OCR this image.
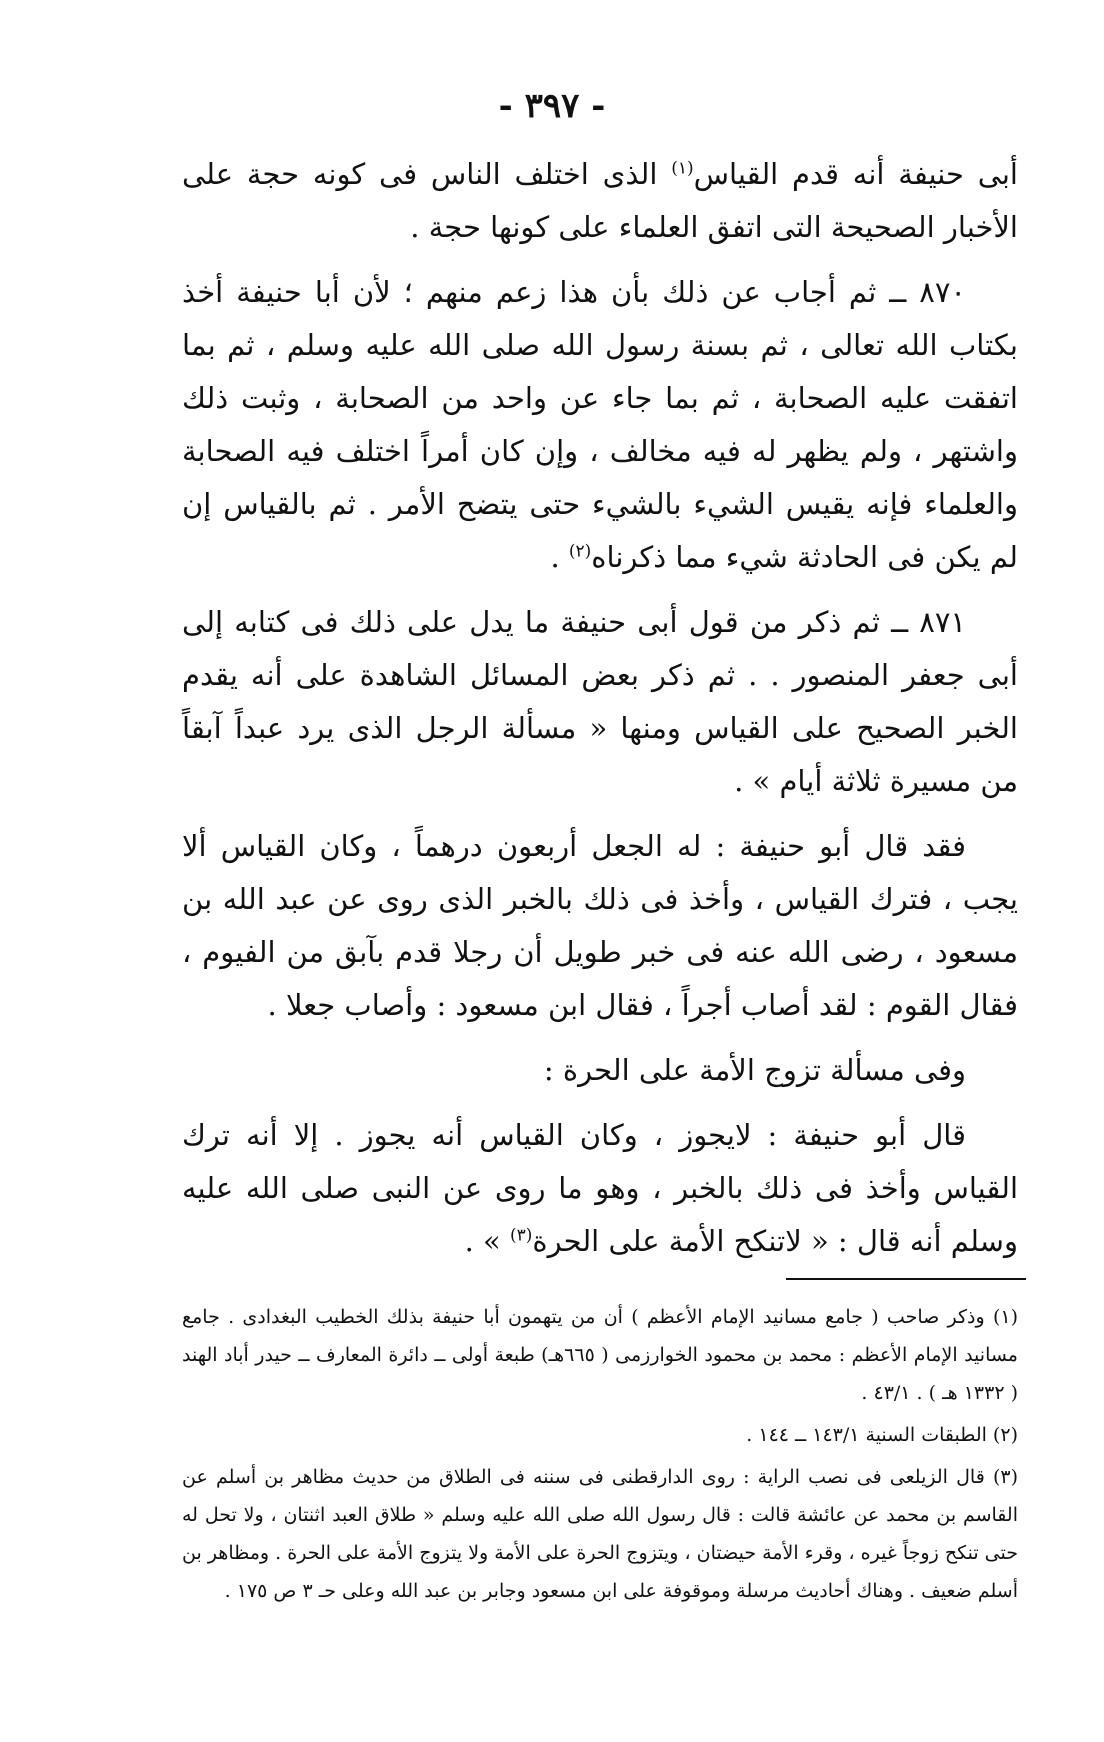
- ٣٩٧ -

أبى حنيفة أنه قدم القياس$^{(١)}$ الذى اختلف الناس فى كونه حجة على الأخبار الصحيحة التى اتفق العلماء على كونها حجة .

٨٧٠ ــ ثم أجاب عن ذلك بأن هذا زعم منهم ؛ لأن أبا حنيفة أخذ بكتاب الله تعالى ، ثم بسنة رسول الله صلى الله عليه وسلم ، ثم بما اتفقت عليه الصحابة ، ثم بما جاء عن واحد من الصحابة ، وثبت ذلك واشتهر ، ولم يظهر له فيه مخالف ، وإن كان أمراً اختلف فيه الصحابة والعلماء فإنه يقيس الشيء بالشيء حتى يتضح الأمر . ثم بالقياس إن لم يكن فى الحادثة شيء مما ذكرناه$^{(٢)}$ .

٨٧١ ــ ثم ذكر من قول أبى حنيفة ما يدل على ذلك فى كتابه إلى أبى جعفر المنصور . . ثم ذكر بعض المسائل الشاهدة على أنه يقدم الخبر الصحيح على القياس ومنها « مسألة الرجل الذى يرد عبداً آبقاً من مسيرة ثلاثة أيام » .

فقد قال أبو حنيفة : له الجعل أربعون درهماً ، وكان القياس ألا يجب ، فترك القياس ، وأخذ فى ذلك بالخبر الذى روى عن عبد الله بن مسعود ، رضى الله عنه فى خبر طويل أن رجلا قدم بآبق من الفيوم ، فقال القوم : لقد أصاب أجراً ، فقال ابن مسعود : وأصاب جعلا .

وفى مسألة تزوج الأمة على الحرة :

قال أبو حنيفة : لايجوز ، وكان القياس أنه يجوز . إلا أنه ترك القياس وأخذ فى ذلك بالخبر ، وهو ما روى عن النبى صلى الله عليه وسلم أنه قال : « لاتنكح الأمة على الحرة$^{(٣)}$ » .

(١) وذكر صاحب ( جامع مسانيد الإمام الأعظم ) أن من يتهمون أبا حنيفة بذلك الخطيب البغدادى . جامع مسانيد الإمام الأعظم : محمد بن محمود الخوارزمى ( ٦٦٥هـ) طبعة أولى ــ دائرة المعارف ــ حيدر أباد الهند ( ١٣٣٢ هـ ) . ٤٣/١ .

(٢) الطبقات السنية ١٤٣/١ ــ ١٤٤ .

(٣) قال الزيلعى فى نصب الراية : روى الدارقطنى فى سننه فى الطلاق من حديث مظاهر بن أسلم عن القاسم بن محمد عن عائشة قالت : قال رسول الله صلى الله عليه وسلم « طلاق العبد اثنتان ، ولا تحل له حتى تنكح زوجاً غيره ، وقرء الأمة حيضتان ، ويتزوج الحرة على الأمة ولا يتزوج الأمة على الحرة . ومظاهر بن أسلم ضعيف . وهناك أحاديث مرسلة وموقوفة على ابن مسعود وجابر بن عبد الله وعلى حـ ٣ ص ١٧٥ .
